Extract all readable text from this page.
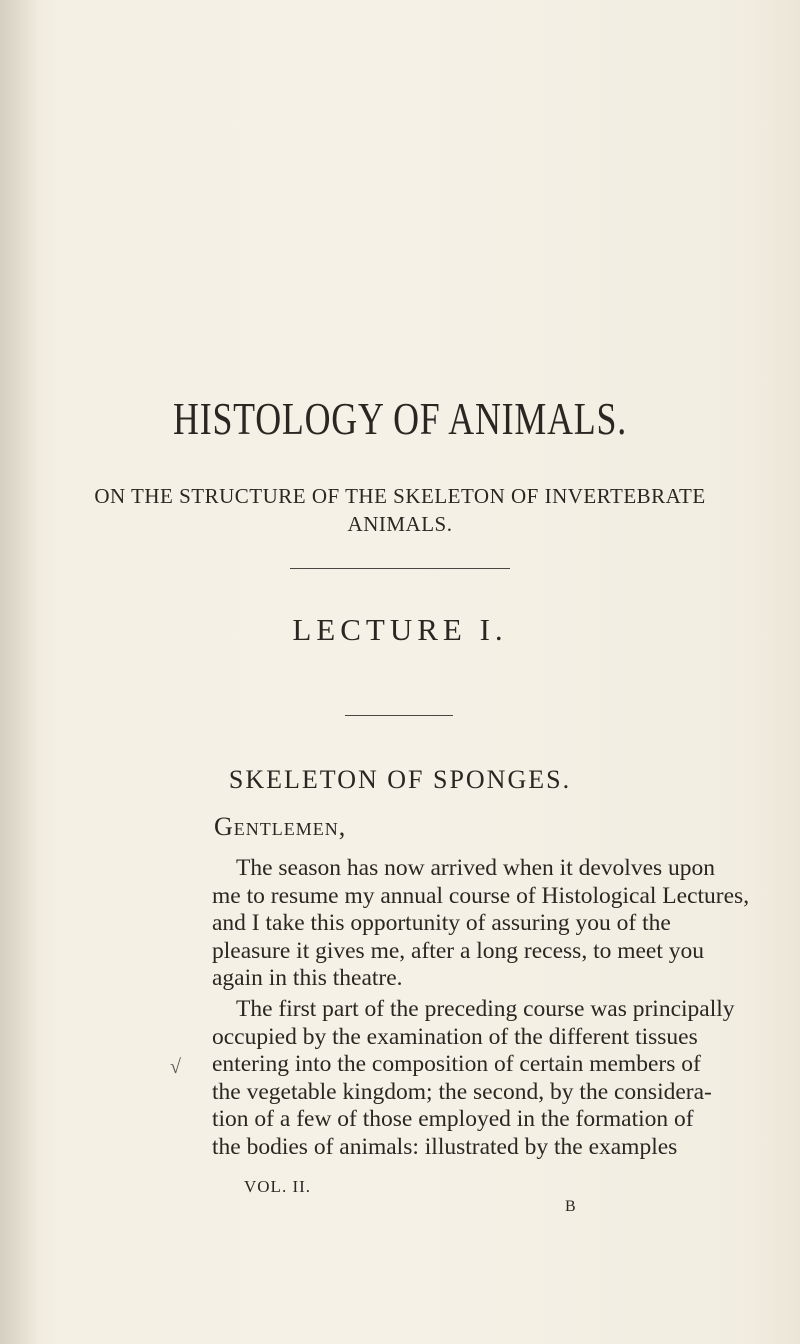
HISTOLOGY OF ANIMALS.

ON THE STRUCTURE OF THE SKELETON OF INVERTEBRATE ANIMALS.

LECTURE I.
SKELETON OF SPONGES.

Gentlemen,

The season has now arrived when it devolves upon
me to resume my annual course of Histological Lectures,
and I take this opportunity of assuring you of the
pleasure it gives me, after a long recess, to meet you
again in this theatre.

The first part of the preceding course was principally
occupied by the examination of the different tissues
entering into the composition of certain members of
the vegetable kingdom; the second, by the considera-
tion of a few of those employed in the formation of
the bodies of animals: illustrated by the examples

√
VOL. II.
B
